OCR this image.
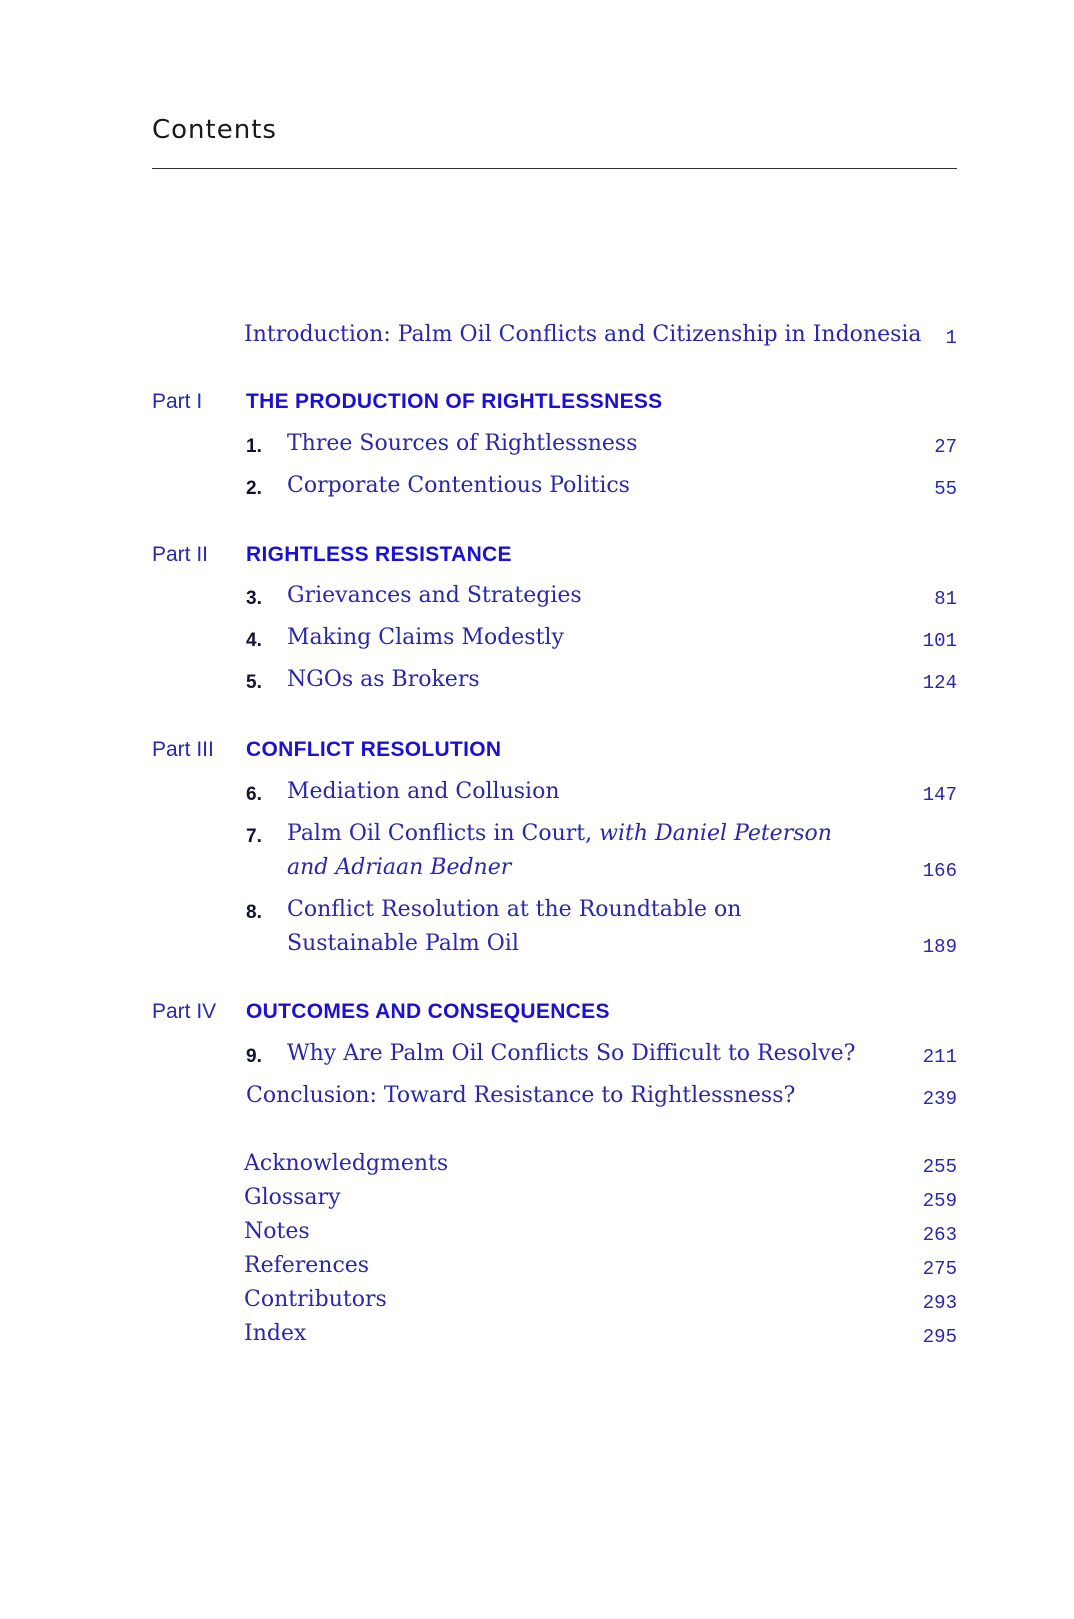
Contents
Introduction: Palm Oil Conflicts and Citizenship in Indonesia 1
Part I THE PRODUCTION OF RIGHTLESSNESS
1. Three Sources of Rightlessness	27
2. Corporate Contentious Politics	55
Part II RIGHTLESS RESISTANCE
3. Grievances and Strategies	81
4. Making Claims Modestly	101
5. NGOs as Brokers	124
Part III CONFLICT RESOLUTION
6. Mediation and Collusion	147
7. Palm Oil Conflicts in Court, with Daniel Peterson
and Adriaan Bedner	166
8. Conflict Resolution at the Roundtable on
Sustainable Palm Oil	189
Part IV OUTCOMES AND CONSEQUENCES
9. Why Are Palm Oil Conflicts So Difficult to Resolve?	211
Conclusion: Toward Resistance to Rightlessness?	239
Acknowledgments	255
Glossary	259
Notes	263
References	275
Contributors	293
Index	295
